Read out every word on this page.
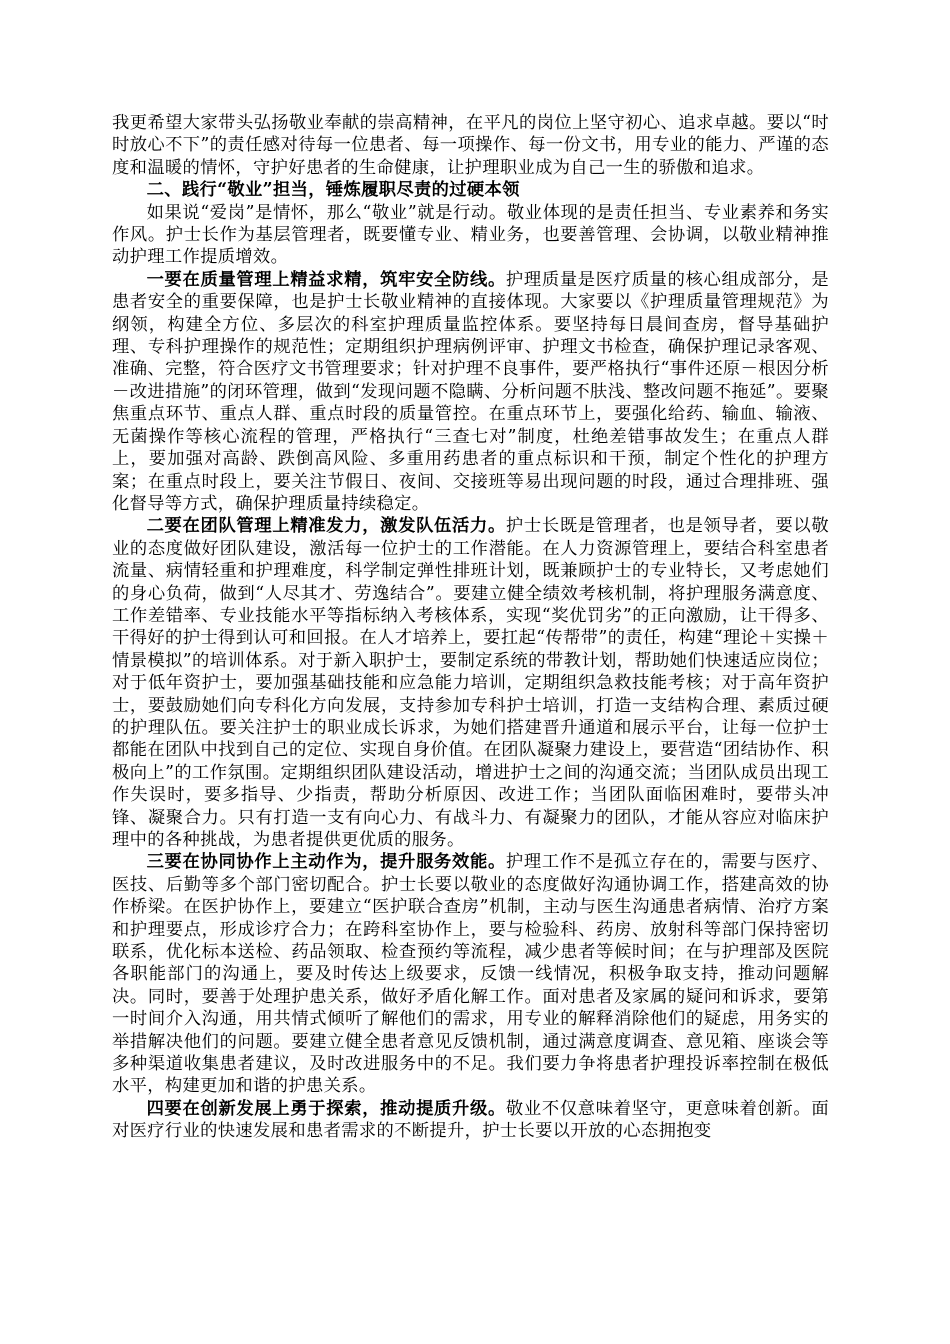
我更希望大家带头弘扬敬业奉献的崇高精神，在平凡的岗位上坚守初心、追求卓越。要以“时时放心不下”的责任感对待每一位患者、每一项操作、每一份文书，用专业的能力、严谨的态度和温暖的情怀，守护好患者的生命健康，让护理职业成为自己一生的骄傲和追求。

二、践行“敬业”担当，锤炼履职尽责的过硬本领

如果说“爱岗”是情怀，那么“敬业”就是行动。敬业体现的是责任担当、专业素养和务实作风。护士长作为基层管理者，既要懂专业、精业务，也要善管理、会协调，以敬业精神推动护理工作提质增效。

一要在质量管理上精益求精，筑牢安全防线。护理质量是医疗质量的核心组成部分，是患者安全的重要保障，也是护士长敬业精神的直接体现。大家要以《护理质量管理规范》为纲领，构建全方位、多层次的科室护理质量监控体系。要坚持每日晨间查房，督导基础护理、专科护理操作的规范性；定期组织护理病例评审、护理文书检查，确保护理记录客观、准确、完整，符合医疗文书管理要求；针对护理不良事件，要严格执行“事件还原－根因分析－改进措施”的闭环管理，做到“发现问题不隐瞒、分析问题不肤浅、整改问题不拖延”。要聚焦重点环节、重点人群、重点时段的质量管控。在重点环节上，要强化给药、输血、输液、无菌操作等核心流程的管理，严格执行“三查七对”制度，杜绝差错事故发生；在重点人群上，要加强对高龄、跌倒高风险、多重用药患者的重点标识和干预，制定个性化的护理方案；在重点时段上，要关注节假日、夜间、交接班等易出现问题的时段，通过合理排班、强化督导等方式，确保护理质量持续稳定。

二要在团队管理上精准发力，激发队伍活力。护士长既是管理者，也是领导者，要以敬业的态度做好团队建设，激活每一位护士的工作潜能。在人力资源管理上，要结合科室患者流量、病情轻重和护理难度，科学制定弹性排班计划，既兼顾护士的专业特长，又考虑她们的身心负荷，做到“人尽其才、劳逸结合”。要建立健全绩效考核机制，将护理服务满意度、工作差错率、专业技能水平等指标纳入考核体系，实现“奖优罚劣”的正向激励，让干得多、干得好的护士得到认可和回报。在人才培养上，要扛起“传帮带”的责任，构建“理论＋实操＋情景模拟”的培训体系。对于新入职护士，要制定系统的带教计划，帮助她们快速适应岗位；对于低年资护士，要加强基础技能和应急能力培训，定期组织急救技能考核；对于高年资护士，要鼓励她们向专科化方向发展，支持参加专科护士培训，打造一支结构合理、素质过硬的护理队伍。要关注护士的职业成长诉求，为她们搭建晋升通道和展示平台，让每一位护士都能在团队中找到自己的定位、实现自身价值。在团队凝聚力建设上，要营造“团结协作、积极向上”的工作氛围。定期组织团队建设活动，增进护士之间的沟通交流；当团队成员出现工作失误时，要多指导、少指责，帮助分析原因、改进工作；当团队面临困难时，要带头冲锋、凝聚合力。只有打造一支有向心力、有战斗力、有凝聚力的团队，才能从容应对临床护理中的各种挑战，为患者提供更优质的服务。

三要在协同协作上主动作为，提升服务效能。护理工作不是孤立存在的，需要与医疗、医技、后勤等多个部门密切配合。护士长要以敬业的态度做好沟通协调工作，搭建高效的协作桥梁。在医护协作上，要建立“医护联合查房”机制，主动与医生沟通患者病情、治疗方案和护理要点，形成诊疗合力；在跨科室协作上，要与检验科、药房、放射科等部门保持密切联系，优化标本送检、药品领取、检查预约等流程，减少患者等候时间；在与护理部及医院各职能部门的沟通上，要及时传达上级要求，反馈一线情况，积极争取支持，推动问题解决。同时，要善于处理护患关系，做好矛盾化解工作。面对患者及家属的疑问和诉求，要第一时间介入沟通，用共情式倾听了解他们的需求，用专业的解释消除他们的疑虑，用务实的举措解决他们的问题。要建立健全患者意见反馈机制，通过满意度调查、意见箱、座谈会等多种渠道收集患者建议，及时改进服务中的不足。我们要力争将患者护理投诉率控制在极低水平，构建更加和谐的护患关系。

四要在创新发展上勇于探索，推动提质升级。敬业不仅意味着坚守，更意味着创新。面对医疗行业的快速发展和患者需求的不断提升，护士长要以开放的心态拥抱变
